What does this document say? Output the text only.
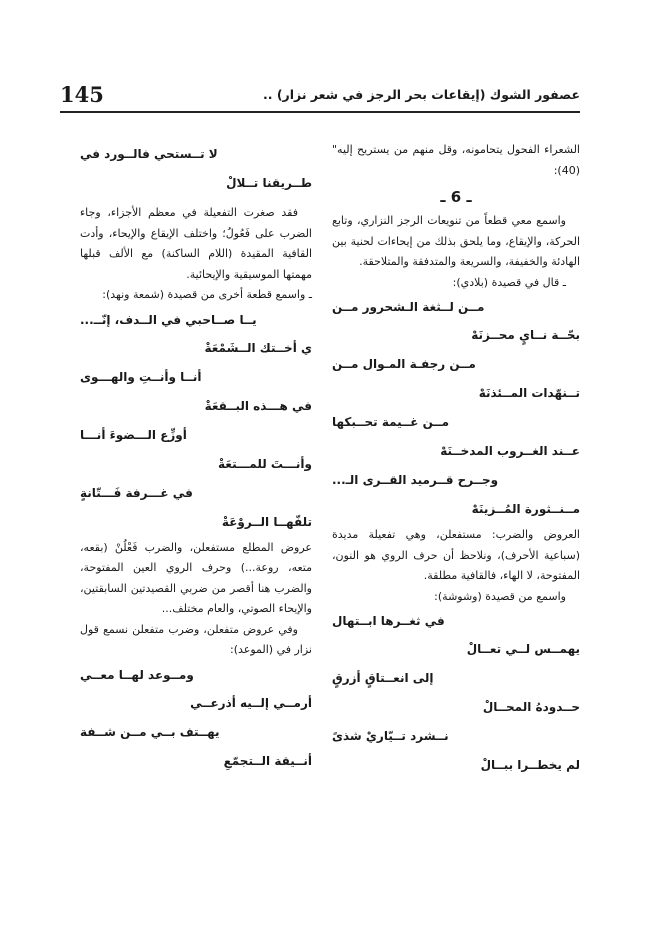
145	عصفور الشوك (إيقاعات بحر الرجز في شعر نزار) ..

الشعراء الفحول يتحامونه، وقل منهم من يستريح إليه"(40):

ـ 6 ـ

واسمع معي قطعاً من تنويعات الرجز النزاري، وتابع الحركة، والإيقاع، وما يلحق بذلك من إيحاءات لحنية بين الهادئة والخفيفة، والسريعة والمتدفقة والمتلاحقة.

ـ قال في قصيدة (بلادي):

مــن لــثغة الـشحرور مــن

بحّــة نــايٍ محــزنَهْ

مــن رجفـة المـوال مــن

تــنهّدات المــئذنَهْ

مــن غــيمة تحــبكها

عــند الغــروب المدخــنَهْ

وجــرح قــرميد القــرى الـ...

مــنــثورة المُــزينَهْ

العروض والضرب: مستفعلن، وهي تفعيلة مديدة (سباعية الأحرف)، ونلاحظ أن حرف الروي هو النون، المفتوحة، لا الهاء، فالقافية مطلقة.

واسمع من قصيدة (وشوشة):

في ثغــرها ابــتهال

يهمــس لــي تعــالْ

إلى انعــتاقٍ أزرقٍ

حــدودهُ المحــالْ

نــشرد تــيّاريْ شذىً

لم يخطــرا ببــالْ

لا تــستحي فالــورد في

طــريقنا تــلالْ

فقد صغرت التفعيلة في معظم الأجزاء، وجاء الضرب على فَعُولُ؛ واختلف الإيقاع والإيحاء، وأدت القافية المقيدة (اللام الساكنة) مع الألف قبلها مهمتها الموسيقية والإيحائية.

ـ واسمع قطعة أخرى من قصيدة (شمعة ونهد):

يــا صــاحبي في الــدف، إنّــ...

ي أخــتك الــشَمْعَةْ

أنــا وأنــتِ والهـــوى

في هـــذه البــقعَةْ

أوزِّع الـــضوءَ أنـــا

وأنـــتَ للمـــتعَةْ

في غـــرفة فَـــتّانةٍ

تلفّهــا الــروْعَةْ

عروض المطلع مستفعلن، والضرب فَعْلُنْ (بقعه، متعه، روعة...) وحرف الروي العين المفتوحة، والضرب هنا أقصر من ضربي القصيدتين السابقتين، والإيحاء الصوتي، والعام مختلف...

وفي عروض متفعلن، وضرب متفعلن نسمع قول نزار في (الموعد):

ومــوعد لهــا معــي

أرمــي إلــيه أذرعــي

يهــتف بــي مــن شــفة

أنــيقة الــتجمّعِ
